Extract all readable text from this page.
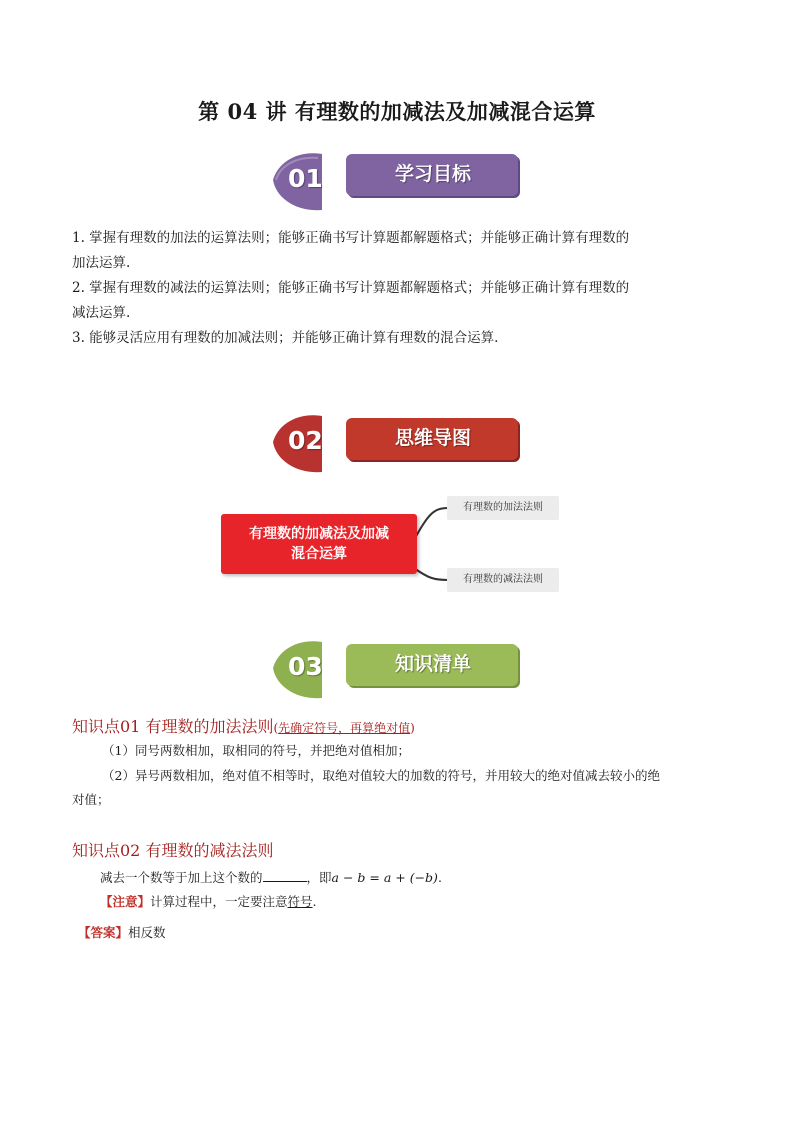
第 04 讲 有理数的加减法及加减混合运算
01	学习目标
1. 掌握有理数的加法的运算法则；能够正确书写计算题都解题格式；并能够正确计算有理数的
加法运算.
2. 掌握有理数的减法的运算法则；能够正确书写计算题都解题格式；并能够正确计算有理数的
减法运算.
3. 能够灵活应用有理数的加减法则；并能够正确计算有理数的混合运算.
02	思维导图
有理数的加减法及加减
混合运算
有理数的加法法则
有理数的减法法则
03	知识清单
知识点01 有理数的加法法则(先确定符号，再算绝对值)
（1）同号两数相加，取相同的符号，并把绝对值相加；
（2）异号两数相加，绝对值不相等时，取绝对值较大的加数的符号，并用较大的绝对值减去较小的绝
对值；
知识点02 有理数的减法法则
减去一个数等于加上这个数的	，即a − b = a + (−b).
【注意】计算过程中，一定要注意符号.
【答案】相反数
